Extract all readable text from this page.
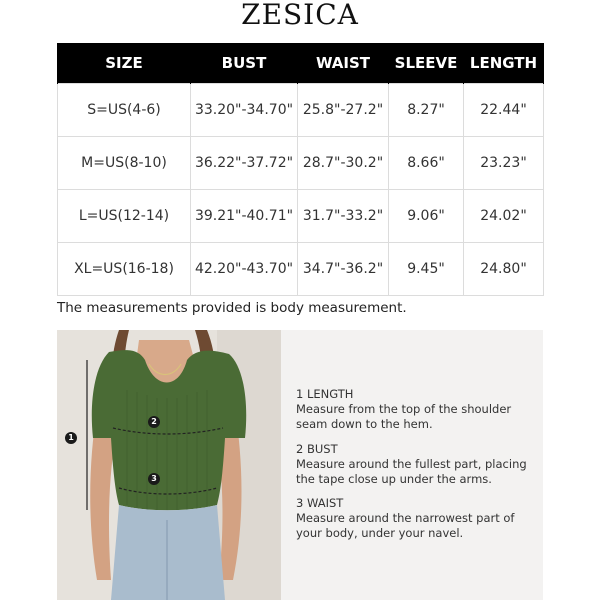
ZESICA
SIZE	BUST	WAIST	SLEEVE	LENGTH
S=US(4-6)	33.20"-34.70"	25.8"-27.2"	8.27"	22.44"
M=US(8-10)	36.22"-37.72"	28.7"-30.2"	8.66"	23.23"
L=US(12-14)	39.21"-40.71"	31.7"-33.2"	9.06"	24.02"
XL=US(16-18)	42.20"-43.70"	34.7"-36.2"	9.45"	24.80"
The measurements provided is body measurement.
1
2
3
1 LENGTH
Measure from the top of the shoulder seam down to the hem.
2 BUST
Measure around the fullest part, placing the tape close up under the arms.
3 WAIST
Measure around the narrowest part of your body, under your navel.
